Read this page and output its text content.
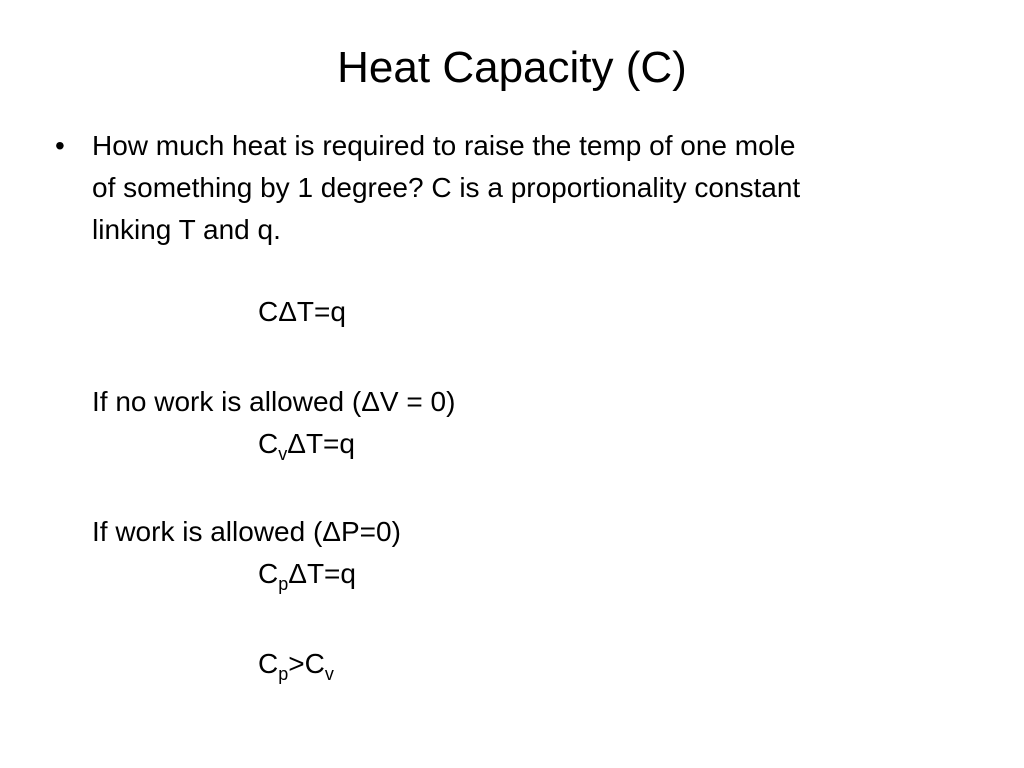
Heat Capacity (C)
• How much heat is required to raise the temp of one mole
of something by 1 degree? C is a proportionality constant
linking T and q.
CΔT=q
If no work is allowed (ΔV = 0)
$C_v\Delta T=q$
If work is allowed (ΔP=0)
$C_p\Delta T=q$
$C_p>C_v$
